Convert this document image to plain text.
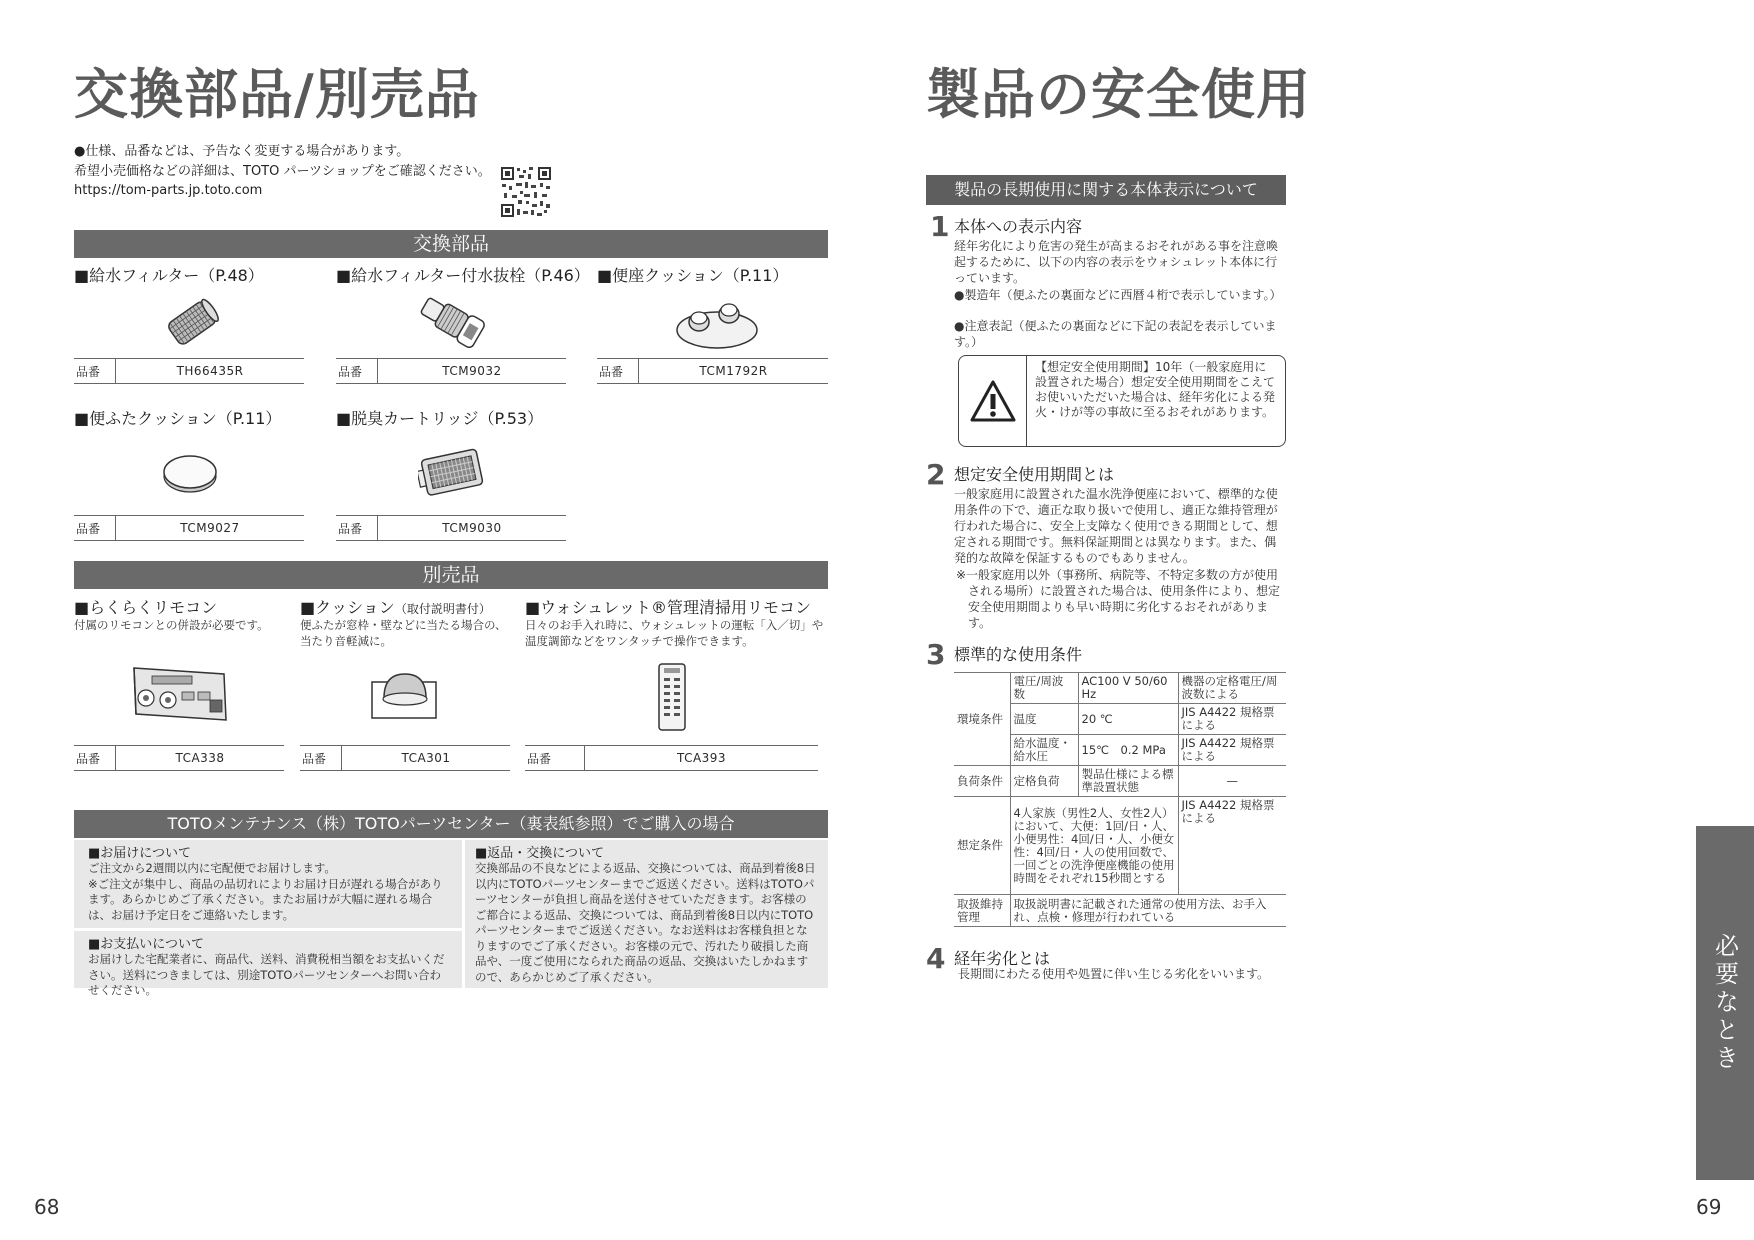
交換部品/別売品
●仕様、品番などは、予告なく変更する場合があります。
希望小売価格などの詳細は、TOTO パーツショップをご確認ください。
https://tom-parts.jp.toto.com
交換部品
■給水フィルター（P.48）	■給水フィルター付水抜栓（P.46） ■便座クッション（P.11）
品番	TH66435R	品番	TCM9032	品番	TCM1792R
■便ふたクッション（P.11）	■脱臭カートリッジ（P.53）
品番	TCM9027	品番	TCM9030
別売品
■らくらくリモコン	■クッション（取付説明書付） ■ウォシュレット®管理清掃用リモコン
付属のリモコンとの併設が必要です。	便ふたが窓枠・壁などに当たる場合の、当たり音軽減に。
日々のお手入れ時に、ウォシュレットの運転「入／切」や温度調節などをワンタッチで操作できます。
品番	TCA338	品番	TCA301	品番	TCA393
TOTOメンテナンス（株）TOTOパーツセンター（裏表紙参照）でご購入の場合
■お届けについて
ご注文から2週間以内に宅配便でお届けします。
※ご注文が集中し、商品の品切れによりお届け日が遅れる場合があります。あらかじめご了承ください。またお届けが大幅に遅れる場合は、お届け予定日をご連絡いたします。
■お支払いについて
お届けした宅配業者に、商品代、送料、消費税相当額をお支払いください。送料につきましては、別途TOTOパーツセンターへお問い合わせください。
■返品・交換について
交換部品の不良などによる返品、交換については、商品到着後8日以内にTOTOパーツセンターまでご返送ください。送料はTOTOパーツセンターが負担し商品を送付させていただきます。お客様のご都合による返品、交換については、商品到着後8日以内にTOTOパーツセンターまでご返送ください。なお送料はお客様負担となりますのでご了承ください。お客様の元で、汚れたり破損した商品や、一度ご使用になられた商品の返品、交換はいたしかねますので、あらかじめご了承ください。
68
製品の安全使用
製品の長期使用に関する本体表示について
1 本体への表示内容
経年劣化により危害の発生が高まるおそれがある事を注意喚起するために、以下の内容の表示をウォシュレット本体に行っています。
●製造年（便ふたの裏面などに西暦４桁で表示しています。）
●注意表記（便ふたの裏面などに下記の表記を表示しています。）
【想定安全使用期間】10年（一般家庭用に設置された場合）想定安全使用期間をこえてお使いいただいた場合は、経年劣化による発火・けが等の事故に至るおそれがあります。
2 想定安全使用期間とは
一般家庭用に設置された温水洗浄便座において、標準的な使用条件の下で、適正な取り扱いで使用し、適正な維持管理が行われた場合に、安全上支障なく使用できる期間として、想定される期間です。無料保証期間とは異なります。また、偶発的な故障を保証するものでもありません。
※一般家庭用以外（事務所、病院等、不特定多数の方が使用される場所）に設置された場合は、使用条件により、想定安全使用期間よりも早い時期に劣化するおそれがあります。
3 標準的な使用条件
環境条件	電圧/周波数	AC100 V 50/60 Hz	機器の定格電圧/周波数による
	温度	20 ℃	JIS A4422 規格票による
	給水温度・給水圧	15℃　0.2 MPa	JIS A4422 規格票による
負荷条件	定格負荷	製品仕様による標準設置状態	—
想定条件	4人家族（男性2人、女性2人）において、大便：1回/日・人、小便男性：4回/日・人、小便女性：4回/日・人の使用回数で、一回ごとの洗浄便座機能の使用時間をそれぞれ15秒間とする		JIS A4422 規格票による
取扱維持管理	取扱説明書に記載された通常の使用方法、お手入れ、点検・修理が行われている		
4 経年劣化とは
長期間にわたる使用や処置に伴い生じる劣化をいいます。	必要なとき
69
